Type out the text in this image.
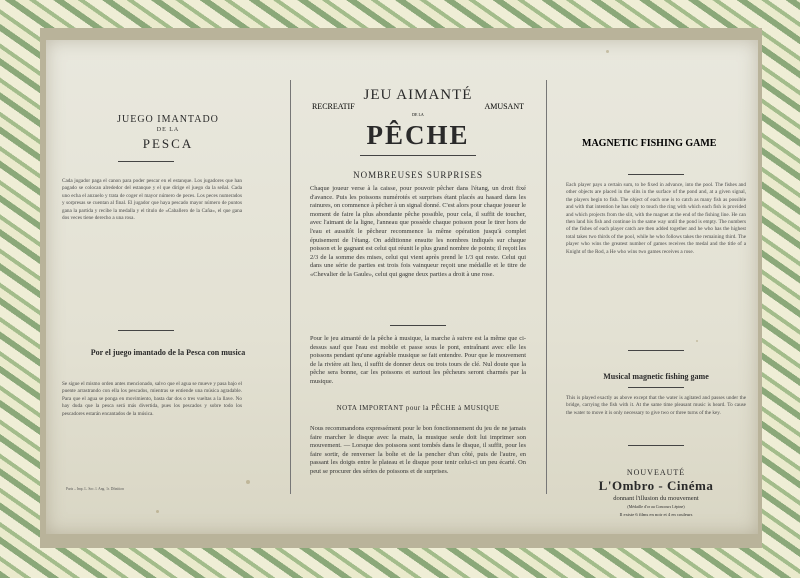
JUEGO IMANTADO
DE LA
PESCA
Cada jugador paga el canon para poder pescar en el estanque. Los jugadores que han pagado se colocan alrededor del estanque y el que dirige el juego da la señal. Cada uno echa el anzuelo y trata de coger el mayor número de peces. Los peces numerados y sorpresas se cuentan al final. El jugador que haya pescado mayor número de puntos gana la partida y recibe la medalla y el título de «Caballero de la Caña», el que gana dos veces tiene derecho a una rosa.
Por el juego imantado de la Pesca con musica
Se sigue el mismo orden antes mencionado, salvo que el agua se mueve y pasa bajo el puente arrastrando con ella los pescados, mientras se entiende una música agradable. Para que el agua se ponga en movimiento, basta dar dos o tres vueltas a la llave. No hay duda que la pesca será más divertida, pues los pescados y sobre todo los pescadores estarán encantados de la música.
Paris – Imp. L. Soc. l. Ang. 1r. Dfinition
JEU AIMANTÉ
RECREATIF	AMUSANT
DE LA
PÊCHE
NOMBREUSES SURPRISES
Chaque joueur verse à la caisse, pour pouvoir pêcher dans l'étang, un droit fixé d'avance. Puis les poissons numérotés et surprises étant placés au hasard dans les rainures, on commence à pêcher à un signal donné. C'est alors pour chaque joueur le moment de faire la plus abondante pêche possible, pour cela, il suffit de toucher, avec l'aimant de la ligne, l'anneau que possède chaque poisson pour le tirer hors de l'eau et aussitôt le pêcheur recommence la même opération jusqu'à complet épuisement de l'étang. On additionne ensuite les nombres indiqués sur chaque poisson et le gagnant est celui qui réunit le plus grand nombre de points; il reçoit les 2/3 de la somme des mises, celui qui vient après prend le 1/3 qui reste. Celui qui dans une série de parties est trois fois vainqueur reçoit une médaille et le titre de «Chevalier de la Gaule», celui qui gagne deux parties a droit à une rose.
Pour le jeu aimanté de la pêche à musique, la marche à suivre est la même que ci-dessus sauf que l'eau est mobile et passe sous le pont, entraînant avec elle les poissons pendant qu'une agréable musique se fait entendre. Pour que le mouvement de la rivière ait lieu, il suffit de donner deux ou trois tours de clé. Nul doute que la pêche sera bonne, car les poissons et surtout les pêcheurs seront charmés par la musique.
NOTA IMPORTANT pour la PÊCHE à MUSIQUE
Nous recommandons expressément pour le bon fonctionnement du jeu de ne jamais faire marcher le disque avec la main, la musique seule doit lui imprimer son mouvement. — Lorsque des poissons sont tombés dans le disque, il suffit, pour les faire sortir, de renverser la boîte et de la pencher d'un côté, puis de l'autre, en passant les doigts entre le plateau et le disque pour tenir celui-ci un peu écarté. On peut se procurer des séries de poissons et de surprises.
MAGNETIC FISHING GAME
Each player pays a certain sum, to be fixed in advance, into the pool. The fishes and other objects are placed in the slits in the surface of the pond and, at a given signal, the players begin to fish. The object of each one is to catch as many fish as possible and with that intention he has only to touch the ring with which each fish is provided and which projects from the slit, with the magnet at the end of the fishing line. He can then land his fish and continue in the same way until the pond is empty. The numbers of the fishes of each player catch are then added together and he who has the highest total takes two thirds of the pool, while he who follows takes the remaining third. The player who wins the greatest number of games receives the medal and the title of a Knight of the Rod, a He who wins two games receives a rose.
Musical magnetic fishing game
This is played exactly as above except that the water is agitated and passes under the bridge, carrying the fish with it. At the same time pleasant music is heard. To cause the water to move it is only necessary to give two or three turns of the key.
NOUVEAUTÉ
L'Ombro - Cinéma
donnant l'illusion du mouvement
(Médaille d'or au Concours Lépine)
Il existe 6 films en noir et 4 en couleurs
